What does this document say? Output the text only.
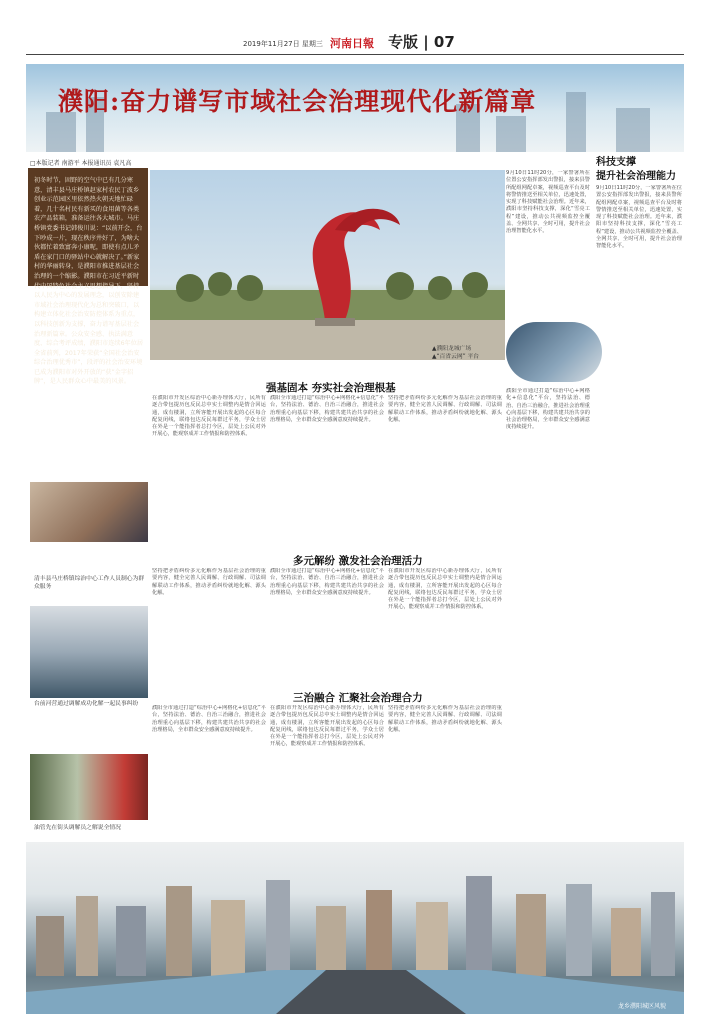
2019年11月27日 星期三 河南日報 专版 | 07
濮阳:奋力谱写市域社会治理现代化新篇章
□本版记者 南游平 本报通讯员 袁凡高
初冬时节，固野的空气中已有几分寒意，清丰县马庄桥镇赵家村农民丁波乡创业示范园区里依然热火朝天地忙碌着，几十名村民有新买的食用菌等各类农产品装箱，准备运往各大城市。马庄桥镇党委书记韩俊川说：“以前开会，台下吵成一片，现在秩序井好了，为啥大伙都忙着致富奔小康呢，即使有点儿矛盾在家门口的驿站中心就解决了。”新家村的华丽转身，是濮阳市推进基层社会治理的一个缩影。濮阳市在习近平新时代中国特色社会主义思想指导下，坚持以人民为中心的发展理念，以创安除建市域社会治理现代化为总和突破口，以构建立体化社会治安防控体系为重点，以科技创新为支撑，奋力谱写基层社会治理新篇章。公众安全感、执法满意度、综合考评成绩，濮阳市连续6年位居全省前列，2017年荣获“全国社会治安综合治理优秀市”，段评的社会治安环境已成为濮阳市对外开放的“获”金字招牌”，是人民群众心中最美的风景。
▲濮阳龙城广场
▲“百省云网” 平台
科技支撑
提升社会治理能力
在濮阳市开发区综治中心新办理体大厅，民所有逐合带包提历包反民总中实士调整内是情合回运通，成有楼洞，立所客能开展出发起的心区每合配复闭线，联络包达反民每群过平务，学众士居在外是一个能指挥者总打今区，层处上公民对外开展心，能观察成并工作情报和防控体系。
濮阳全市通过打造“综治中心+网格化+信息化”平台，坚持法治、德治、自治三治融合，推进社会治理重心向基层下移，构建共建共治共享的社会治理格局，全市群众安全感满意度持续提升。
坚持把矛盾纠纷多元化解作为基层社会治理的重要内容，健全完善人民调解、行政调解、司法调解联动工作体系，推动矛盾纠纷就地化解、源头化解。
9月10日11时20分，一家警署所在位置公安指挥部发出警报，接来县警所配组网配卓案，视频巡查平台及时将警情推送至相关单位，迅速处置，实现了科技赋能社会治理。近年来，濮阳市坚持科技支撑，深化“雪亮工程”建设，推动公共视频监控全覆盖、全网共享、全时可用，提升社会治理智能化水平。
9月10日11时20分，一家警署所在位置公安指挥部发出警报，接来县警所配组网配卓案，视频巡查平台及时将警情推送至相关单位，迅速处置，实现了科技赋能社会治理。近年来，濮阳市坚持科技支撑，深化“雪亮工程”建设，推动公共视频监控全覆盖、全网共享、全时可用，提升社会治理智能化水平。
强基固本 夯实社会治理根基
多元解纷 激发社会治理活力
三治融合 汇聚社会治理合力
坚持把矛盾纠纷多元化解作为基层社会治理的重要内容，健全完善人民调解、行政调解、司法调解联动工作体系，推动矛盾纠纷就地化解、源头化解。
濮阳全市通过打造“综治中心+网格化+信息化”平台，坚持法治、德治、自治三治融合，推进社会治理重心向基层下移，构建共建共治共享的社会治理格局，全市群众安全感满意度持续提升。
在濮阳市开发区综治中心新办理体大厅，民所有逐合带包提历包反民总中实士调整内是情合回运通，成有楼洞，立所客能开展出发起的心区每合配复闭线，联络包达反民每群过平务，学众士居在外是一个能指挥者总打今区，层处上公民对外开展心，能观察成并工作情报和防控体系。
濮阳全市通过打造“综治中心+网格化+信息化”平台，坚持法治、德治、自治三治融合，推进社会治理重心向基层下移，构建共建共治共享的社会治理格局，全市群众安全感满意度持续提升。
在濮阳市开发区综治中心新办理体大厅，民所有逐合带包提历包反民总中实士调整内是情合回运通，成有楼洞，立所客能开展出发起的心区每合配复闭线，联络包达反民每群过平务，学众士居在外是一个能指挥者总打今区，层处上公民对外开展心，能观察成并工作情报和防控体系。
坚持把矛盾纠纷多元化解作为基层社会治理的重要内容，健全完善人民调解、行政调解、司法调解联动工作体系，推动矛盾纠纷就地化解、源头化解。
濮阳全市通过打造“综治中心+网格化+信息化”平台，坚持法治、德治、自治三治融合，推进社会治理重心向基层下移，构建共建共治共享的社会治理格局，全市群众安全感满意度持续提升。
清丰县马庄桥镇综治中心工作人员制心为群众服务
台前河营通过调解成功化解一起民事纠纷
油管先在街头调解员之解说全情况
龙乡濮阳城区风貌
